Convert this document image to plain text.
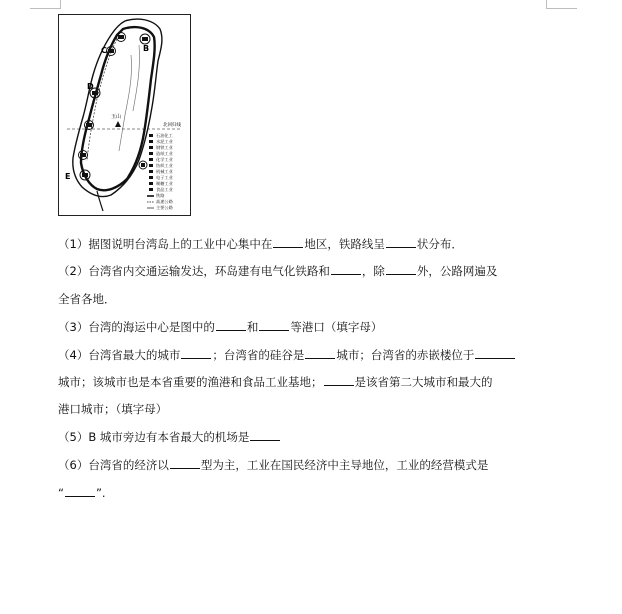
C	B
D
E
玉山
北回归线
石油化工
水泥工业
钢铁工业
造纸工业
化学工业
纺织工业
机械工业
电子工业
制糖工业
食品工业
铁路
高速公路
主要公路
（1）据图说明台湾岛上的工业中心集中在	地区，铁路线呈	状分布．
（2）台湾省内交通运输发达，环岛建有电气化铁路和	，除	外，公路网遍及
全省各地．
（3）台湾的海运中心是图中的	和	等港口（填字母）
（4）台湾省最大的城市	；台湾省的硅谷是	城市；台湾省的赤嵌楼位于
城市；该城市也是本省重要的渔港和食品工业基地；	是该省第二大城市和最大的
港口城市；（填字母）
（5）B 城市旁边有本省最大的机场是
（6）台湾省的经济以	型为主，工业在国民经济中主导地位，工业的经营模式是
“	”.
